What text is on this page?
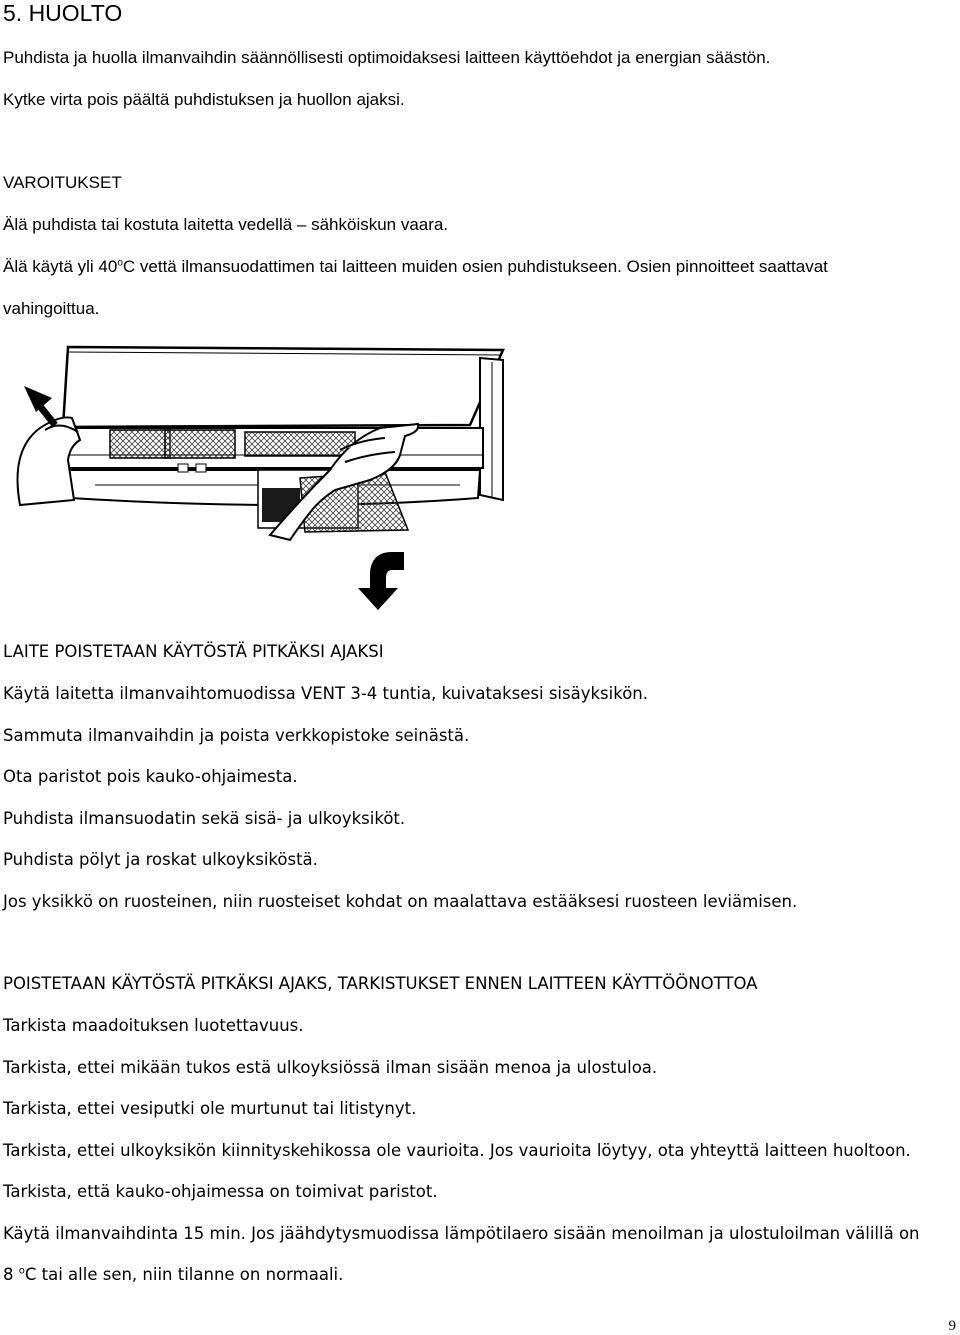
5. HUOLTO
Puhdista ja huolla ilmanvaihdin säännöllisesti optimoidaksesi laitteen käyttöehdot ja energian säästön.
Kytke virta pois päältä puhdistuksen ja huollon ajaksi.
VAROITUKSET
Älä puhdista tai kostuta laitetta vedellä – sähköiskun vaara.
Älä käytä yli 40$^o$C vettä ilmansuodattimen tai laitteen muiden osien puhdistukseen. Osien pinnoitteet saattavat
vahingoittua.
LAITE POISTETAAN KÄYTÖSTÄ PITKÄKSI AJAKSI
Käytä laitetta ilmanvaihtomuodissa VENT 3-4 tuntia, kuivataksesi sisäyksikön.
Sammuta ilmanvaihdin ja poista verkkopistoke seinästä.
Ota paristot pois kauko-ohjaimesta.
Puhdista ilmansuodatin sekä sisä- ja ulkoyksiköt.
Puhdista pölyt ja roskat ulkoyksiköstä.
Jos yksikkö on ruosteinen, niin ruosteiset kohdat on maalattava estääksesi ruosteen leviämisen.
POISTETAAN KÄYTÖSTÄ PITKÄKSI AJAKS, TARKISTUKSET ENNEN LAITTEEN KÄYTTÖÖNOTTOA
Tarkista maadoituksen luotettavuus.
Tarkista, ettei mikään tukos estä ulkoyksiössä ilman sisään menoa ja ulostuloa.
Tarkista, ettei vesiputki ole murtunut tai litistynyt.
Tarkista, ettei ulkoyksikön kiinnityskehikossa ole vaurioita. Jos vaurioita löytyy, ota yhteyttä laitteen huoltoon.
Tarkista, että kauko-ohjaimessa on toimivat paristot.
Käytä ilmanvaihdinta 15 min. Jos jäähdytysmuodissa lämpötilaero sisään menoilman ja ulostuloilman välillä on
8 $^o$C tai alle sen, niin tilanne on normaali.
9
